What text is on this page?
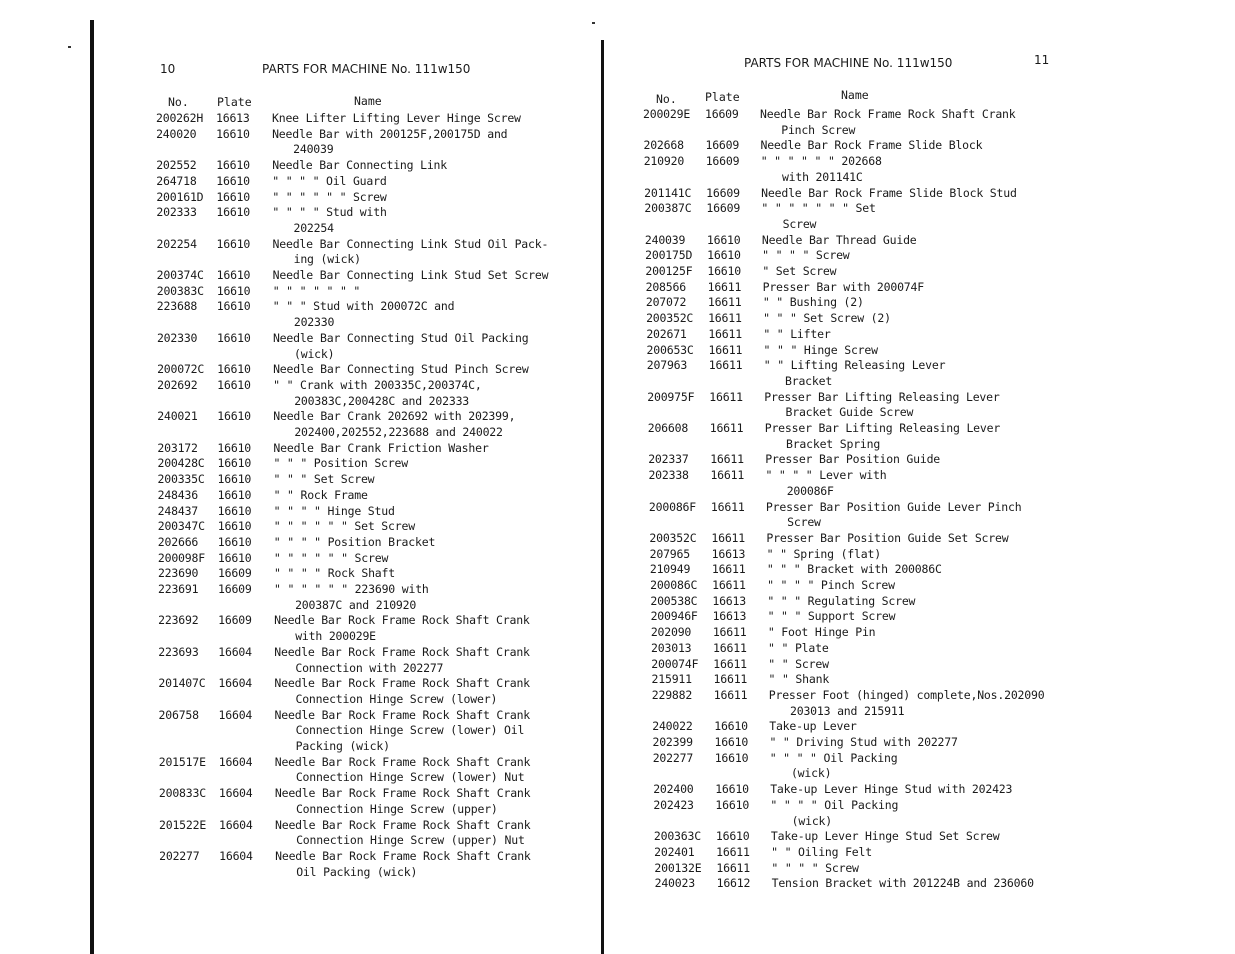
10	PARTS FOR MACHINE No. 111w150
No. Plate	Name
200262H 16613 Knee Lifter Lifting Lever Hinge Screw
240020 16610 Needle Bar with 200125F,200175D and
240039
202552 16610 Needle Bar Connecting Link
264718 16610 " " " " Oil Guard
200161D 16610 " " " " " " Screw
202333 16610 " " " " Stud with
202254
202254 16610 Needle Bar Connecting Link Stud Oil Pack-
ing (wick)
200374C 16610 Needle Bar Connecting Link Stud Set Screw
200383C 16610 " " " " " " "
223688 16610 " " " Stud with 200072C and
202330
202330 16610 Needle Bar Connecting Stud Oil Packing
(wick)
200072C 16610 Needle Bar Connecting Stud Pinch Screw
202692 16610 " " Crank with 200335C,200374C,
200383C,200428C and 202333
240021 16610 Needle Bar Crank 202692 with 202399,
202400,202552,223688 and 240022
203172 16610 Needle Bar Crank Friction Washer
200428C 16610 " " " Position Screw
200335C 16610 " " " Set Screw
248436 16610 " " Rock Frame
248437 16610 " " " " Hinge Stud
200347C 16610 " " " " " " Set Screw
202666 16610 " " " " Position Bracket
200098F 16610 " " " " " " Screw
223690 16609 " " " " Rock Shaft
223691 16609 " " " " " " 223690 with
200387C and 210920
223692 16609 Needle Bar Rock Frame Rock Shaft Crank
with 200029E
223693 16604 Needle Bar Rock Frame Rock Shaft Crank
Connection with 202277
201407C 16604 Needle Bar Rock Frame Rock Shaft Crank
Connection Hinge Screw (lower)
206758 16604 Needle Bar Rock Frame Rock Shaft Crank
Connection Hinge Screw (lower) Oil
Packing (wick)
201517E 16604 Needle Bar Rock Frame Rock Shaft Crank
Connection Hinge Screw (lower) Nut
200833C 16604 Needle Bar Rock Frame Rock Shaft Crank
Connection Hinge Screw (upper)
201522E 16604 Needle Bar Rock Frame Rock Shaft Crank
Connection Hinge Screw (upper) Nut
202277 16604 Needle Bar Rock Frame Rock Shaft Crank
Oil Packing (wick)
11
PARTS FOR MACHINE No. 111w150
No. Plate	Name
200029E 16609 Needle Bar Rock Frame Rock Shaft Crank
Pinch Screw
202668 16609 Needle Bar Rock Frame Slide Block
210920 16609 " " " " " " 202668
with 201141C
201141C 16609 Needle Bar Rock Frame Slide Block Stud
200387C 16609 " " " " " " " Set
Screw
240039 16610 Needle Bar Thread Guide
200175D 16610 " " " " Screw
200125F 16610 " Set Screw
208566 16611 Presser Bar with 200074F
207072 16611 " " Bushing (2)
200352C 16611 " " " Set Screw (2)
202671 16611 " " Lifter
200653C 16611 " " " Hinge Screw
207963 16611 " " Lifting Releasing Lever
Bracket
200975F 16611 Presser Bar Lifting Releasing Lever
Bracket Guide Screw
206608 16611 Presser Bar Lifting Releasing Lever
Bracket Spring
202337 16611 Presser Bar Position Guide
202338 16611 " " " " Lever with
200086F
200086F 16611 Presser Bar Position Guide Lever Pinch
Screw
200352C 16611 Presser Bar Position Guide Set Screw
207965 16613 " " Spring (flat)
210949 16611 " " " Bracket with 200086C
200086C 16611 " " " " Pinch Screw
200538C 16613 " " " Regulating Screw
200946F 16613 " " " Support Screw
202090 16611 " Foot Hinge Pin
203013 16611 " " Plate
200074F 16611 " " Screw
215911 16611 " " Shank
229882 16611 Presser Foot (hinged) complete,Nos.202090
203013 and 215911
240022 16610 Take-up Lever
202399 16610 " " Driving Stud with 202277
202277 16610 " " " " Oil Packing
(wick)
202400 16610 Take-up Lever Hinge Stud with 202423
202423 16610 " " " " Oil Packing
(wick)
200363C 16610 Take-up Lever Hinge Stud Set Screw
202401 16611 " " Oiling Felt
200132E 16611 " " " " Screw
240023 16612 Tension Bracket with 201224B and 236060
